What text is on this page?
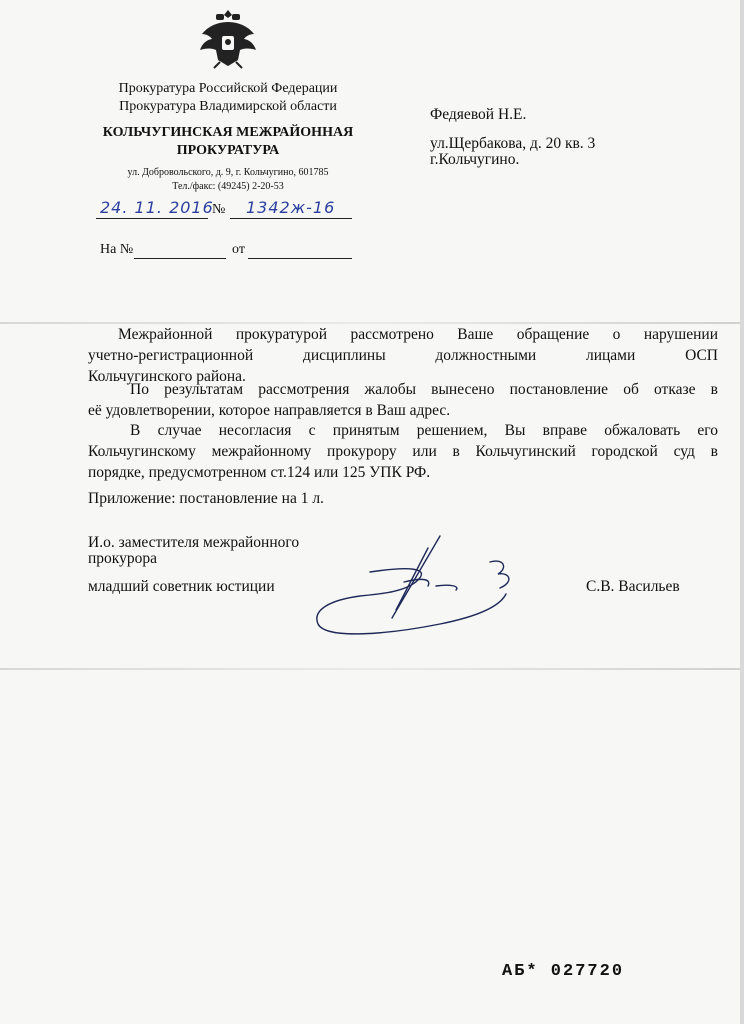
Прокуратура Российской Федерации
Прокуратура Владимирской области
КОЛЬЧУГИНСКАЯ МЕЖРАЙОННАЯ
ПРОКУРАТУРА
ул. Добровольского, д. 9, г. Кольчугино, 601785
Тел./факс: (49245) 2-20-53
24. 11. 2016
№ 1342ж-16
На №	от
Федяевой Н.Е.
ул.Щербакова, д. 20 кв. 3
г.Кольчугино.
Межрайонной прокуратурой рассмотрено Ваше обращение о нарушении
учетно-регистрационной дисциплины должностными лицами ОСП
Кольчугинского района.
По результатам рассмотрения жалобы вынесено постановление об отказе в
её удовлетворении, которое направляется в Ваш адрес.
В случае несогласия с принятым решением, Вы вправе обжаловать его
Кольчугинскому межрайонному прокурору или в Кольчугинский городской суд в
порядке, предусмотренном ст.124 или 125 УПК РФ.
Приложение: постановление на 1 л.
И.о. заместителя межрайонного
прокурора
младший советник юстиции	С.В. Васильев
АБ* 027720
